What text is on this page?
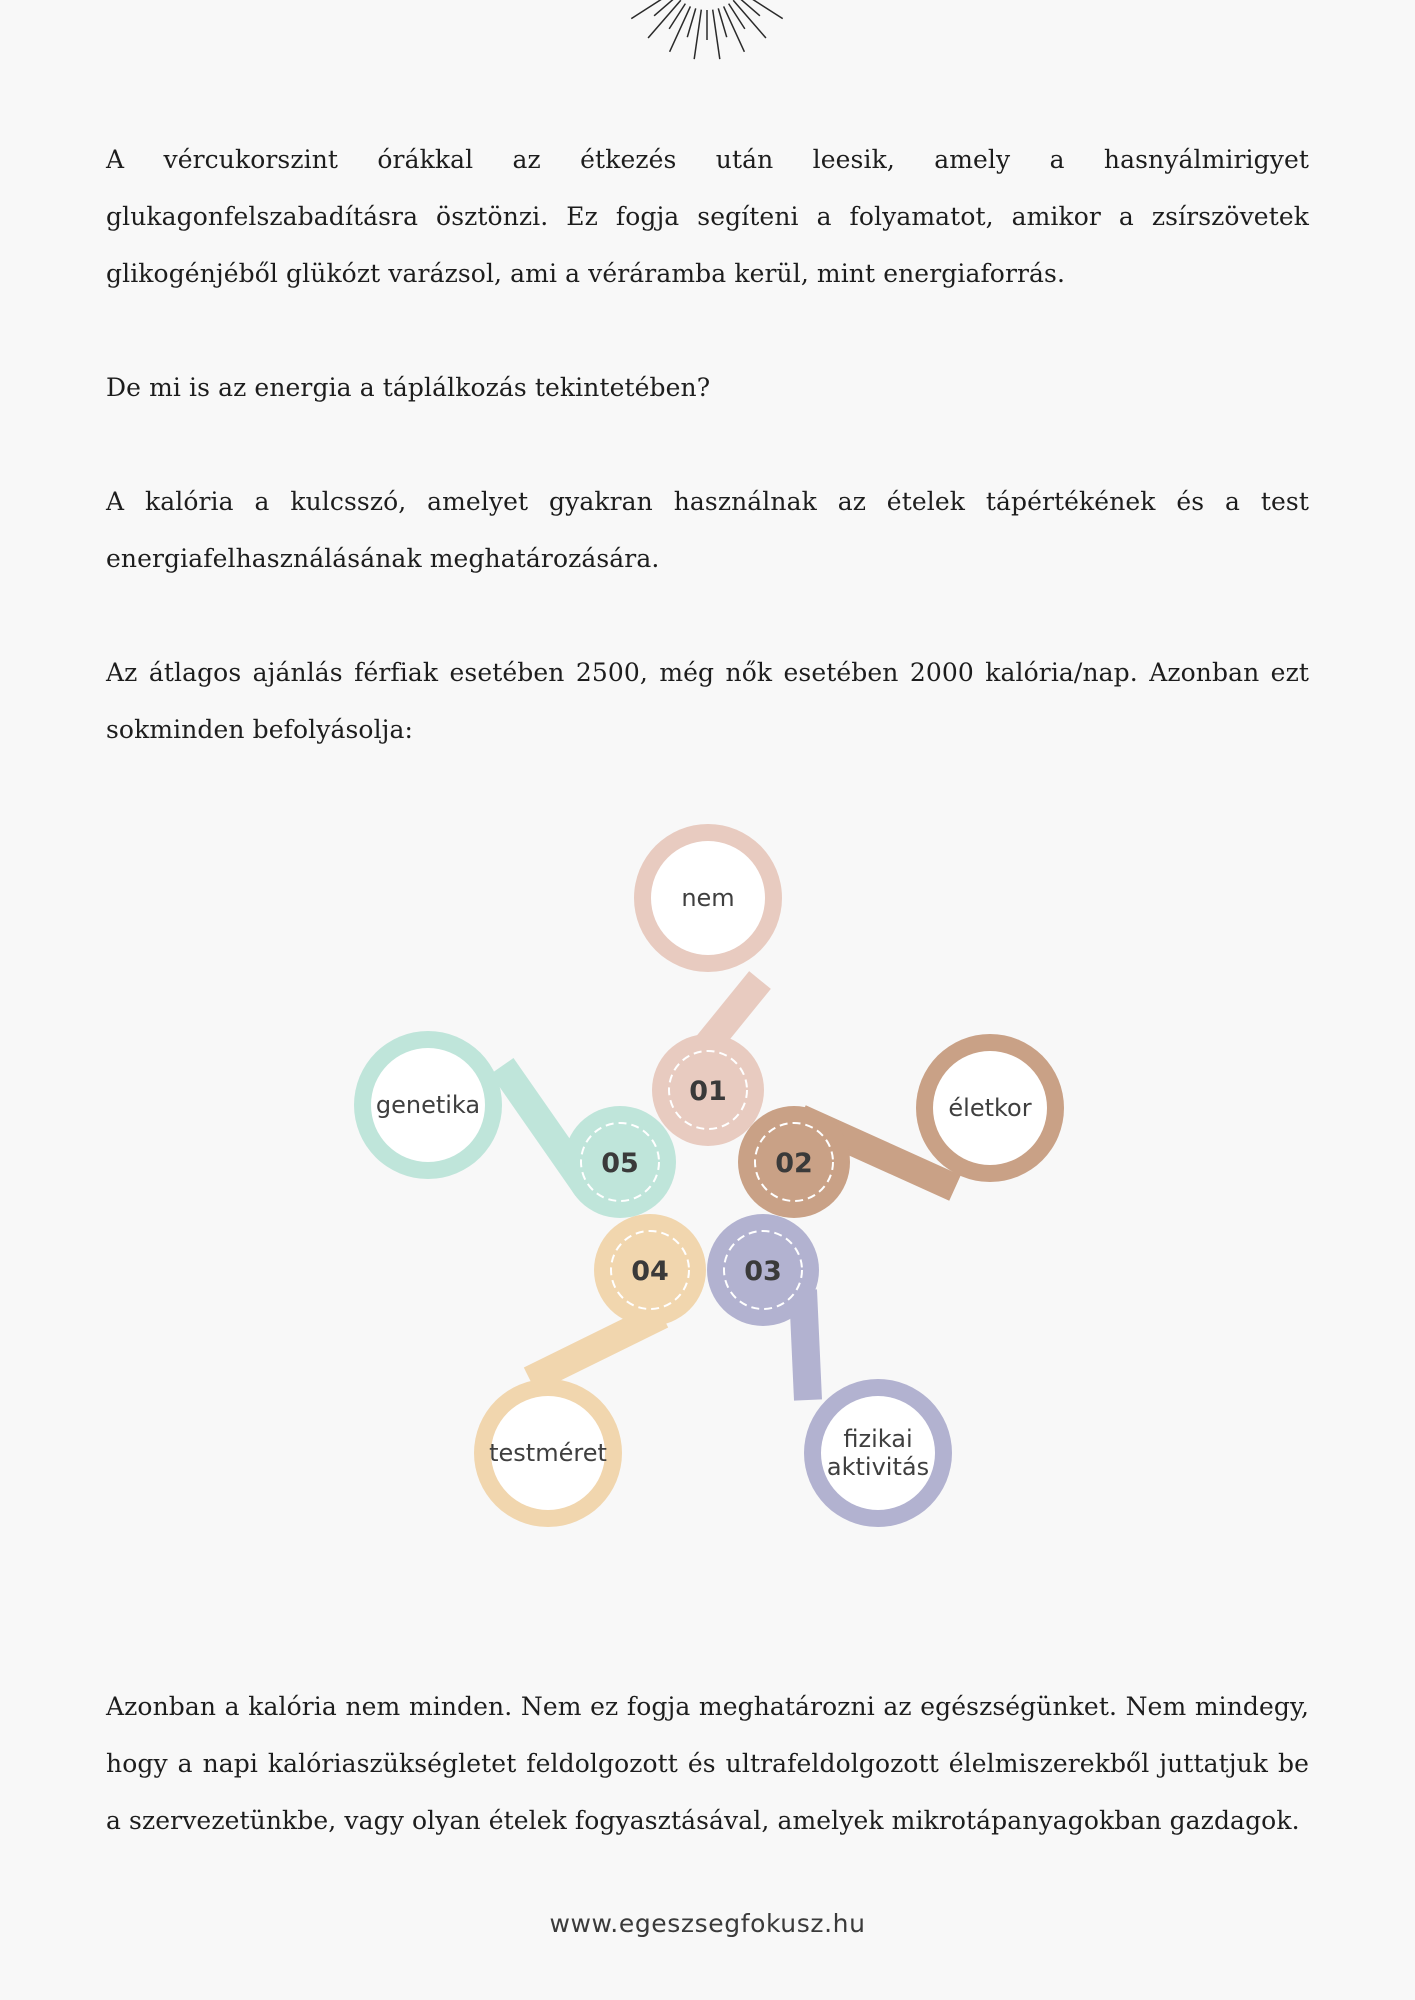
A vércukorszint órákkal az étkezés után leesik, amely a hasnyálmirigyet glukagonfelszabadításra ösztönzi. Ez fogja segíteni a folyamatot, amikor a zsírszövetek glikogénjéből glükózt varázsol, ami a véráramba kerül, mint energiaforrás.

De mi is az energia a táplálkozás tekintetében?

A kalória a kulcsszó, amelyet gyakran használnak az ételek tápértékének és a test energiafelhasználásának meghatározására.

Az átlagos ajánlás férfiak esetében 2500, még nők esetében 2000 kalória/nap. Azonban ezt sokminden befolyásolja:

nem
01
életkor
02
fizikai aktivitás
03
testméret
04
genetika
05

Azonban a kalória nem minden. Nem ez fogja meghatározni az egészségünket. Nem mindegy, hogy a napi kalóriaszükségletet feldolgozott és ultrafeldolgozott élelmiszerekből juttatjuk be a szervezetünkbe, vagy olyan ételek fogyasztásával, amelyek mikrotápanyagokban gazdagok.

www.egeszsegfokusz.hu
